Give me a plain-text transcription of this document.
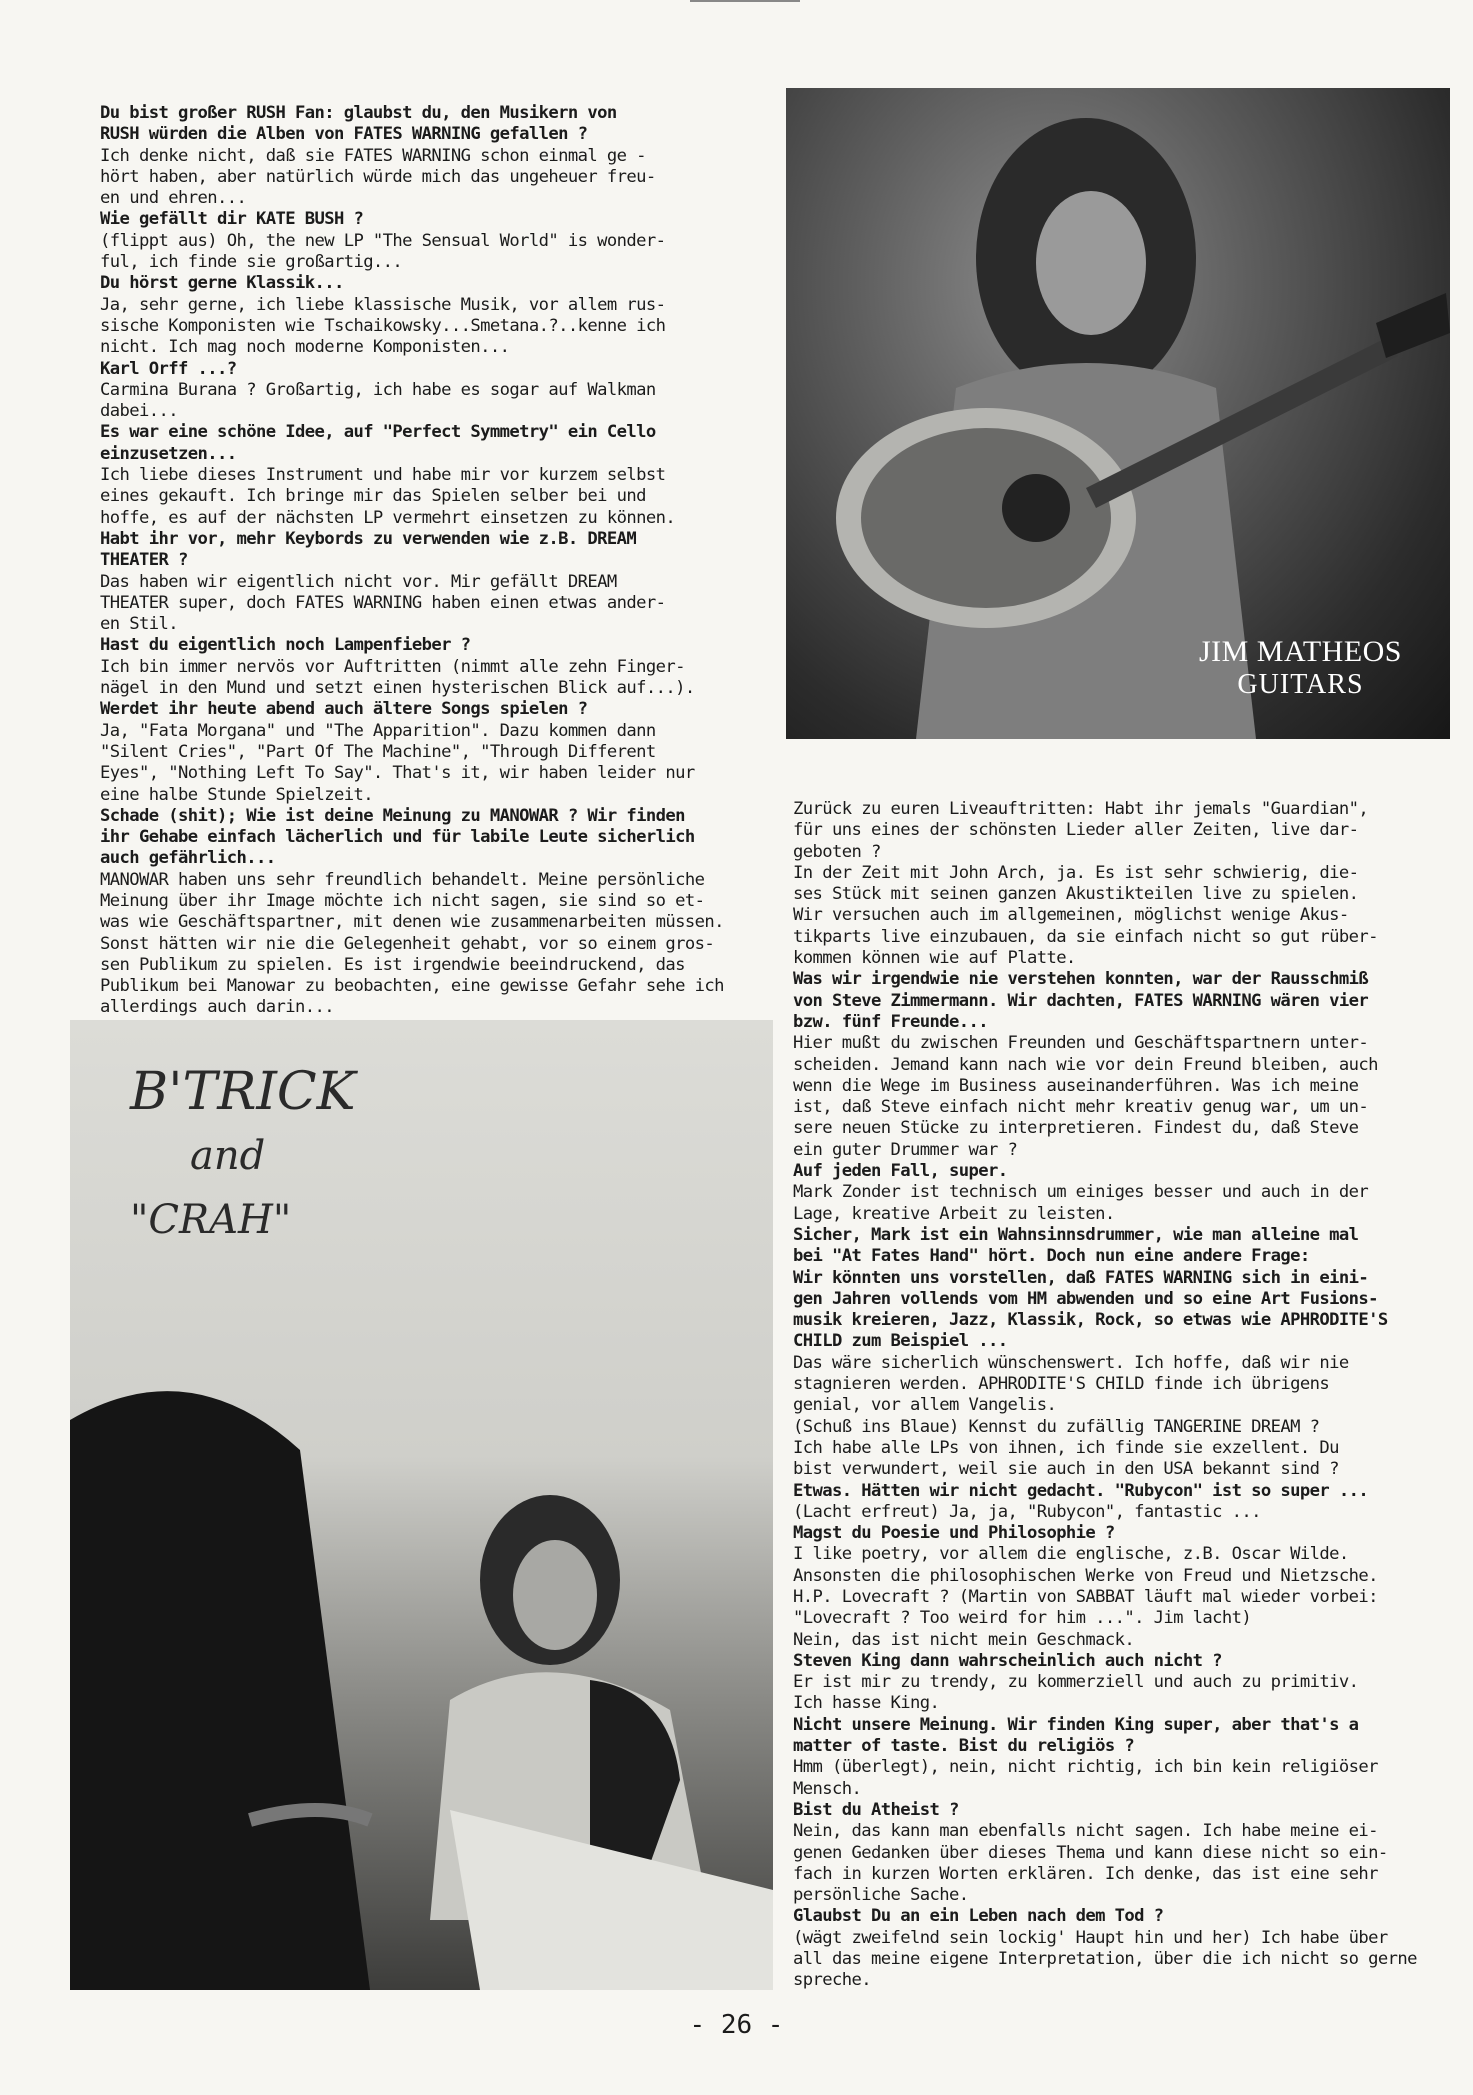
Du bist großer RUSH Fan: glaubst du, den Musikern von

RUSH würden die Alben von FATES WARNING gefallen ?

Ich denke nicht, daß sie FATES WARNING schon einmal ge -

hört haben, aber natürlich würde mich das ungeheuer freu-

en und ehren...

Wie gefällt dir KATE BUSH ?

(flippt aus) Oh, the new LP "The Sensual World" is wonder-

ful, ich finde sie großartig...

Du hörst gerne Klassik...

Ja, sehr gerne, ich liebe klassische Musik, vor allem rus-

sische Komponisten wie Tschaikowsky...Smetana.?..kenne ich

nicht. Ich mag noch moderne Komponisten...

Karl Orff ...?

Carmina Burana ? Großartig, ich habe es sogar auf Walkman

dabei...

Es war eine schöne Idee, auf "Perfect Symmetry" ein Cello

einzusetzen...

Ich liebe dieses Instrument und habe mir vor kurzem selbst

eines gekauft. Ich bringe mir das Spielen selber bei und

hoffe, es auf der nächsten LP vermehrt einsetzen zu können.

Habt ihr vor, mehr Keybords zu verwenden wie z.B. DREAM

THEATER ?

Das haben wir eigentlich nicht vor. Mir gefällt DREAM

THEATER super, doch FATES WARNING haben einen etwas ander-

en Stil.

Hast du eigentlich noch Lampenfieber ?

Ich bin immer nervös vor Auftritten (nimmt alle zehn Finger-

nägel in den Mund und setzt einen hysterischen Blick auf...).

Werdet ihr heute abend auch ältere Songs spielen ?

Ja, "Fata Morgana" und "The Apparition". Dazu kommen dann

"Silent Cries", "Part Of The Machine", "Through Different

Eyes", "Nothing Left To Say". That's it, wir haben leider nur

eine halbe Stunde Spielzeit.

Schade (shit); Wie ist deine Meinung zu MANOWAR ? Wir finden

ihr Gehabe einfach lächerlich und für labile Leute sicherlich

auch gefährlich...

MANOWAR haben uns sehr freundlich behandelt. Meine persönliche

Meinung über ihr Image möchte ich nicht sagen, sie sind so et-

was wie Geschäftspartner, mit denen wie zusammenarbeiten müssen.

Sonst hätten wir nie die Gelegenheit gehabt, vor so einem gros-

sen Publikum zu spielen. Es ist irgendwie beeindruckend, das

Publikum bei Manowar zu beobachten, eine gewisse Gefahr sehe ich

allerdings auch darin...

JIM MATHEOS
GUITARS
B'TRICK
and
"CRAH"

Zurück zu euren Liveauftritten: Habt ihr jemals "Guardian",

für uns eines der schönsten Lieder aller Zeiten, live dar-

geboten ?

In der Zeit mit John Arch, ja. Es ist sehr schwierig, die-

ses Stück mit seinen ganzen Akustikteilen live zu spielen.

Wir versuchen auch im allgemeinen, möglichst wenige Akus-

tikparts live einzubauen, da sie einfach nicht so gut rüber-

kommen können wie auf Platte.

Was wir irgendwie nie verstehen konnten, war der Rausschmiß

von Steve Zimmermann. Wir dachten, FATES WARNING wären vier

bzw. fünf Freunde...

Hier mußt du zwischen Freunden und Geschäftspartnern unter-

scheiden. Jemand kann nach wie vor dein Freund bleiben, auch

wenn die Wege im Business auseinanderführen. Was ich meine

ist, daß Steve einfach nicht mehr kreativ genug war, um un-

sere neuen Stücke zu interpretieren. Findest du, daß Steve

ein guter Drummer war ?

Auf jeden Fall, super.

Mark Zonder ist technisch um einiges besser und auch in der

Lage, kreative Arbeit zu leisten.

Sicher, Mark ist ein Wahnsinnsdrummer, wie man alleine mal

bei "At Fates Hand" hört. Doch nun eine andere Frage:

Wir könnten uns vorstellen, daß FATES WARNING sich in eini-

gen Jahren vollends vom HM abwenden und so eine Art Fusions-

musik kreieren, Jazz, Klassik, Rock, so etwas wie APHRODITE'S

CHILD zum Beispiel ...

Das wäre sicherlich wünschenswert. Ich hoffe, daß wir nie

stagnieren werden. APHRODITE'S CHILD finde ich übrigens

genial, vor allem Vangelis.

(Schuß ins Blaue) Kennst du zufällig TANGERINE DREAM ?

Ich habe alle LPs von ihnen, ich finde sie exzellent. Du

bist verwundert, weil sie auch in den USA bekannt sind ?

Etwas. Hätten wir nicht gedacht. "Rubycon" ist so super ...

(Lacht erfreut) Ja, ja, "Rubycon", fantastic ...

Magst du Poesie und Philosophie ?

I like poetry, vor allem die englische, z.B. Oscar Wilde.

Ansonsten die philosophischen Werke von Freud und Nietzsche.

H.P. Lovecraft ? (Martin von SABBAT läuft mal wieder vorbei:

"Lovecraft ? Too weird for him ...". Jim lacht)

Nein, das ist nicht mein Geschmack.

Steven King dann wahrscheinlich auch nicht ?

Er ist mir zu trendy, zu kommerziell und auch zu primitiv.

Ich hasse King.

Nicht unsere Meinung. Wir finden King super, aber that's a

matter of taste. Bist du religiös ?

Hmm (überlegt), nein, nicht richtig, ich bin kein religiöser

Mensch.

Bist du Atheist ?

Nein, das kann man ebenfalls nicht sagen. Ich habe meine ei-

genen Gedanken über dieses Thema und kann diese nicht so ein-

fach in kurzen Worten erklären. Ich denke, das ist eine sehr

persönliche Sache.

Glaubst Du an ein Leben nach dem Tod ?

(wägt zweifelnd sein lockig' Haupt hin und her) Ich habe über

all das meine eigene Interpretation, über die ich nicht so gerne

spreche.

- 26 -
